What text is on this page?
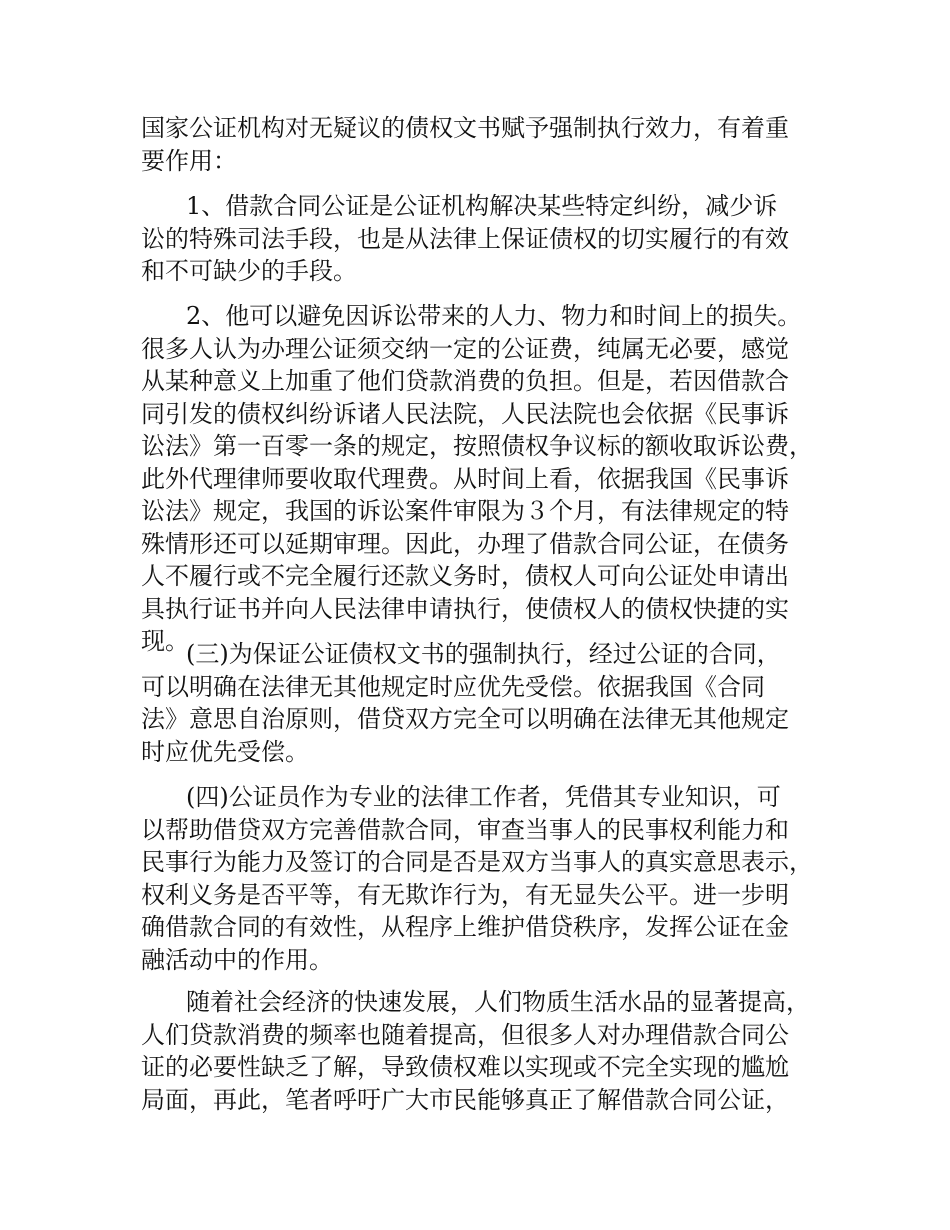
国家公证机构对无疑议的债权文书赋予强制执行效力，有着重
要作用：
1、借款合同公证是公证机构解决某些特定纠纷，减少诉
讼的特殊司法手段，也是从法律上保证债权的切实履行的有效
和不可缺少的手段。
2、他可以避免因诉讼带来的人力、物力和时间上的损失。
很多人认为办理公证须交纳一定的公证费，纯属无必要，感觉
从某种意义上加重了他们贷款消费的负担。但是，若因借款合
同引发的债权纠纷诉诸人民法院，人民法院也会依据《民事诉
讼法》第一百零一条的规定，按照债权争议标的额收取诉讼费，
此外代理律师要收取代理费。从时间上看，依据我国《民事诉
讼法》规定，我国的诉讼案件审限为３个月，有法律规定的特
殊情形还可以延期审理。因此，办理了借款合同公证，在债务
人不履行或不完全履行还款义务时，债权人可向公证处申请出
具执行证书并向人民法律申请执行，使债权人的债权快捷的实
现。
(三)为保证公证债权文书的强制执行，经过公证的合同，
可以明确在法律无其他规定时应优先受偿。依据我国《合同
法》意思自治原则，借贷双方完全可以明确在法律无其他规定
时应优先受偿。
(四)公证员作为专业的法律工作者，凭借其专业知识，可
以帮助借贷双方完善借款合同，审查当事人的民事权利能力和
民事行为能力及签订的合同是否是双方当事人的真实意思表示，
权利义务是否平等，有无欺诈行为，有无显失公平。进一步明
确借款合同的有效性，从程序上维护借贷秩序，发挥公证在金
融活动中的作用。
随着社会经济的快速发展，人们物质生活水品的显著提高，
人们贷款消费的频率也随着提高，但很多人对办理借款合同公
证的必要性缺乏了解，导致债权难以实现或不完全实现的尴尬
局面，再此，笔者呼吁广大市民能够真正了解借款合同公证，
